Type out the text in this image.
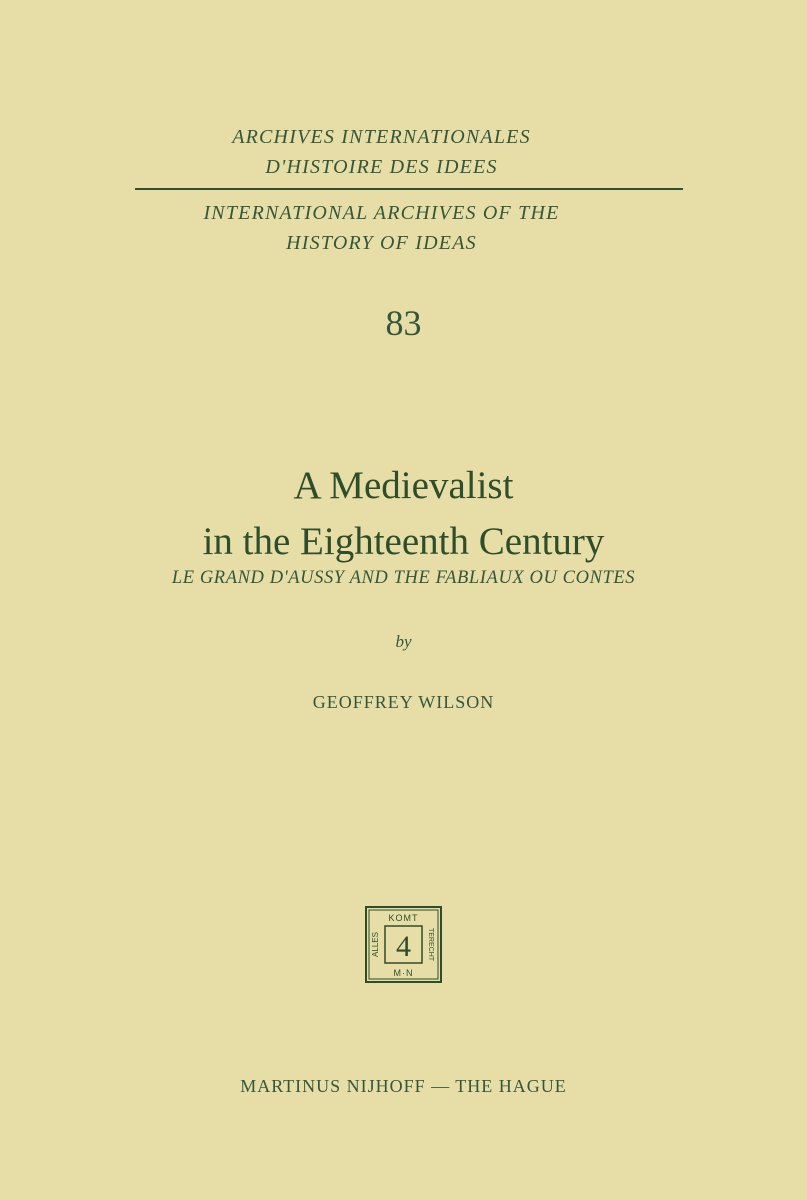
ARCHIVES INTERNATIONALES
D'HISTOIRE DES IDEES
INTERNATIONAL ARCHIVES OF THE
HISTORY OF IDEAS
83
A Medievalist
in the Eighteenth Century
LE GRAND D'AUSSY AND THE FABLIAUX OU CONTES
by
GEOFFREY WILSON
KOMT
M·N
ALLES	TERECHT
4
MARTINUS NIJHOFF — THE HAGUE
